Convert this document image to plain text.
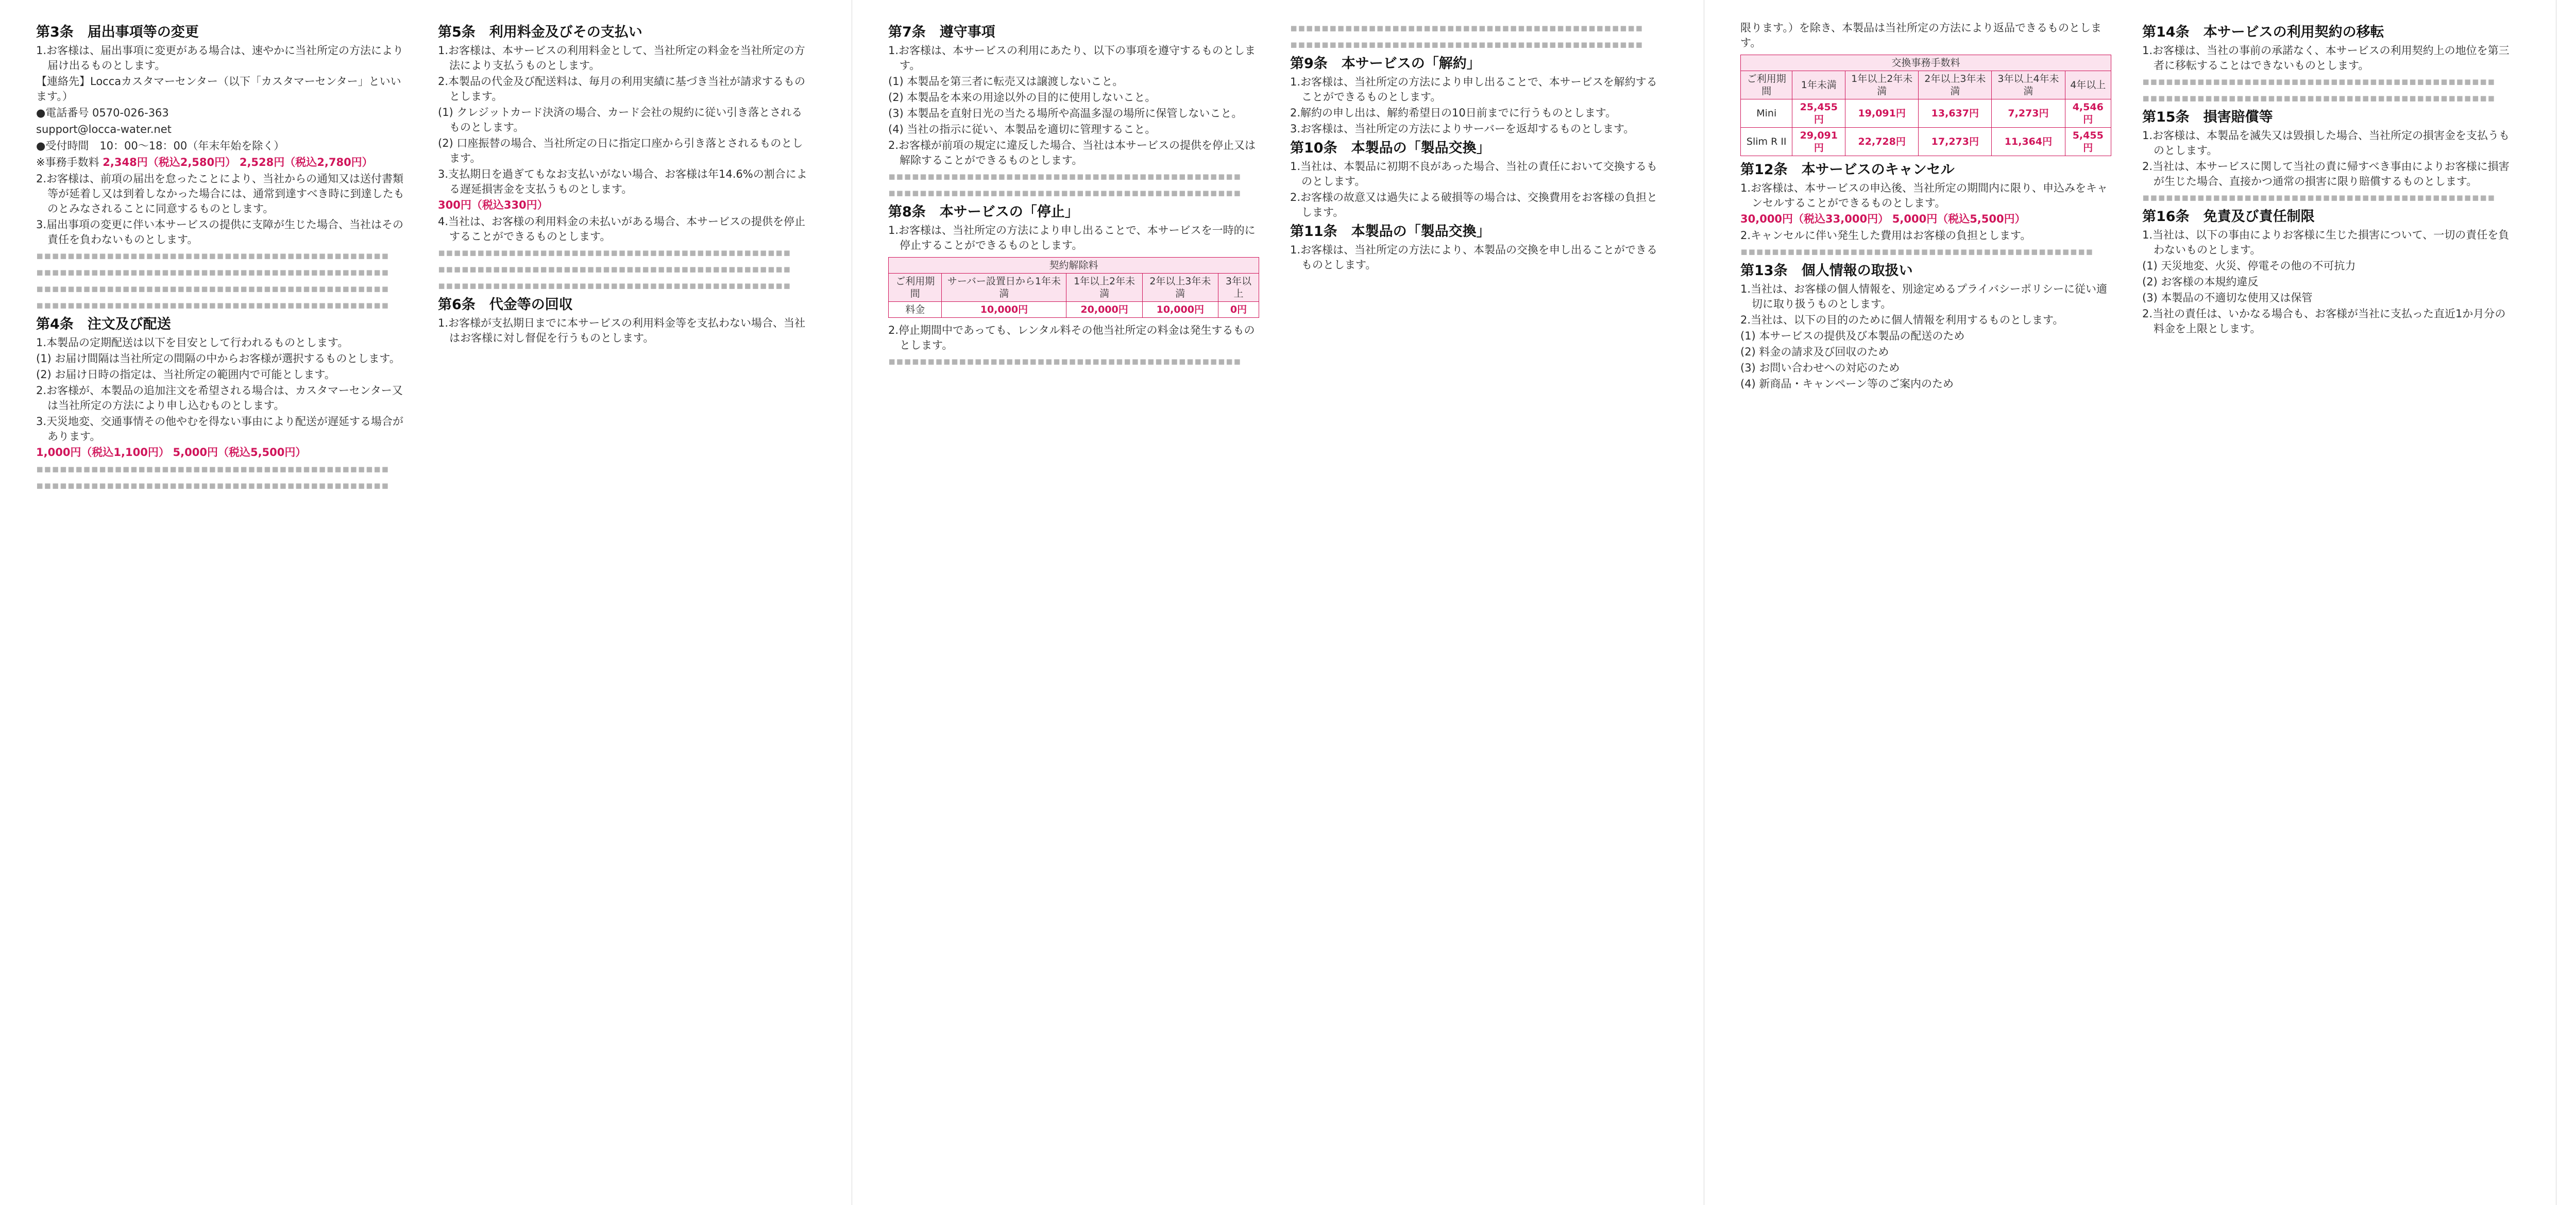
第3条　届出事項等の変更

1.お客様は、届出事項に変更がある場合は、速やかに当社所定の方法により届け出るものとします。

【連絡先】Loccaカスタマーセンター（以下「カスタマーセンター」といいます。）

●電話番号 0570-026-363

support@locca-water.net

●受付時間　10：00～18：00（年末年始を除く）

※事務手数料 2,348円（税込2,580円） 2,528円（税込2,780円）

2.お客様は、前項の届出を怠ったことにより、当社からの通知又は送付書類等が延着し又は到着しなかった場合には、通常到達すべき時に到達したものとみなされることに同意するものとします。

3.届出事項の変更に伴い本サービスの提供に支障が生じた場合、当社はその責任を負わないものとします。

▪▪▪▪▪▪▪▪▪▪▪▪▪▪▪▪▪▪▪▪▪▪▪▪▪▪▪▪▪▪▪▪▪▪▪▪▪▪▪▪▪▪▪▪▪

▪▪▪▪▪▪▪▪▪▪▪▪▪▪▪▪▪▪▪▪▪▪▪▪▪▪▪▪▪▪▪▪▪▪▪▪▪▪▪▪▪▪▪▪▪

▪▪▪▪▪▪▪▪▪▪▪▪▪▪▪▪▪▪▪▪▪▪▪▪▪▪▪▪▪▪▪▪▪▪▪▪▪▪▪▪▪▪▪▪▪

▪▪▪▪▪▪▪▪▪▪▪▪▪▪▪▪▪▪▪▪▪▪▪▪▪▪▪▪▪▪▪▪▪▪▪▪▪▪▪▪▪▪▪▪▪

第4条　注文及び配送

1.本製品の定期配送は以下を目安として行われるものとします。

(1) お届け間隔は当社所定の間隔の中からお客様が選択するものとします。

(2) お届け日時の指定は、当社所定の範囲内で可能とします。

2.お客様が、本製品の追加注文を希望される場合は、カスタマーセンター又は当社所定の方法により申し込むものとします。

3.天災地変、交通事情その他やむを得ない事由により配送が遅延する場合があります。

1,000円（税込1,100円） 5,000円（税込5,500円）

▪▪▪▪▪▪▪▪▪▪▪▪▪▪▪▪▪▪▪▪▪▪▪▪▪▪▪▪▪▪▪▪▪▪▪▪▪▪▪▪▪▪▪▪▪

▪▪▪▪▪▪▪▪▪▪▪▪▪▪▪▪▪▪▪▪▪▪▪▪▪▪▪▪▪▪▪▪▪▪▪▪▪▪▪▪▪▪▪▪▪

第5条　利用料金及びその支払い

1.お客様は、本サービスの利用料金として、当社所定の料金を当社所定の方法により支払うものとします。

2.本製品の代金及び配送料は、毎月の利用実績に基づき当社が請求するものとします。

(1) クレジットカード決済の場合、カード会社の規約に従い引き落とされるものとします。

(2) 口座振替の場合、当社所定の日に指定口座から引き落とされるものとします。

3.支払期日を過ぎてもなお支払いがない場合、お客様は年14.6%の割合による遅延損害金を支払うものとします。

300円（税込330円）

4.当社は、お客様の利用料金の未払いがある場合、本サービスの提供を停止することができるものとします。

▪▪▪▪▪▪▪▪▪▪▪▪▪▪▪▪▪▪▪▪▪▪▪▪▪▪▪▪▪▪▪▪▪▪▪▪▪▪▪▪▪▪▪▪▪

▪▪▪▪▪▪▪▪▪▪▪▪▪▪▪▪▪▪▪▪▪▪▪▪▪▪▪▪▪▪▪▪▪▪▪▪▪▪▪▪▪▪▪▪▪

▪▪▪▪▪▪▪▪▪▪▪▪▪▪▪▪▪▪▪▪▪▪▪▪▪▪▪▪▪▪▪▪▪▪▪▪▪▪▪▪▪▪▪▪▪

第6条　代金等の回収

1.お客様が支払期日までに本サービスの利用料金等を支払わない場合、当社はお客様に対し督促を行うものとします。

第7条　遵守事項

1.お客様は、本サービスの利用にあたり、以下の事項を遵守するものとします。

(1) 本製品を第三者に転売又は譲渡しないこと。

(2) 本製品を本来の用途以外の目的に使用しないこと。

(3) 本製品を直射日光の当たる場所や高温多湿の場所に保管しないこと。

(4) 当社の指示に従い、本製品を適切に管理すること。

2.お客様が前項の規定に違反した場合、当社は本サービスの提供を停止又は解除することができるものとします。

▪▪▪▪▪▪▪▪▪▪▪▪▪▪▪▪▪▪▪▪▪▪▪▪▪▪▪▪▪▪▪▪▪▪▪▪▪▪▪▪▪▪▪▪▪

▪▪▪▪▪▪▪▪▪▪▪▪▪▪▪▪▪▪▪▪▪▪▪▪▪▪▪▪▪▪▪▪▪▪▪▪▪▪▪▪▪▪▪▪▪

第8条　本サービスの「停止」

1.お客様は、当社所定の方法により申し出ることで、本サービスを一時的に停止することができるものとします。

契約解除料				
ご利用期間	サーバー設置日から1年未満	1年以上2年未満	2年以上3年未満	3年以上
料金	10,000円	20,000円	10,000円	0円

2.停止期間中であっても、レンタル料その他当社所定の料金は発生するものとします。

▪▪▪▪▪▪▪▪▪▪▪▪▪▪▪▪▪▪▪▪▪▪▪▪▪▪▪▪▪▪▪▪▪▪▪▪▪▪▪▪▪▪▪▪▪

▪▪▪▪▪▪▪▪▪▪▪▪▪▪▪▪▪▪▪▪▪▪▪▪▪▪▪▪▪▪▪▪▪▪▪▪▪▪▪▪▪▪▪▪▪

▪▪▪▪▪▪▪▪▪▪▪▪▪▪▪▪▪▪▪▪▪▪▪▪▪▪▪▪▪▪▪▪▪▪▪▪▪▪▪▪▪▪▪▪▪

第9条　本サービスの「解約」

1.お客様は、当社所定の方法により申し出ることで、本サービスを解約することができるものとします。

2.解約の申し出は、解約希望日の10日前までに行うものとします。

3.お客様は、当社所定の方法によりサーバーを返却するものとします。

第10条　本製品の「製品交換」

1.当社は、本製品に初期不良があった場合、当社の責任において交換するものとします。

2.お客様の故意又は過失による破損等の場合は、交換費用をお客様の負担とします。

第11条　本製品の「製品交換」

1.お客様は、当社所定の方法により、本製品の交換を申し出ることができるものとします。

限ります。）を除き、本製品は当社所定の方法により返品できるものとします。

交換事務手数料					
ご利用期間	1年未満	1年以上2年未満	2年以上3年未満	3年以上4年未満	4年以上
Mini	25,455円	19,091円	13,637円	7,273円	4,546円
Slim R II	29,091円	22,728円	17,273円	11,364円	5,455円
第12条　本サービスのキャンセル

1.お客様は、本サービスの申込後、当社所定の期間内に限り、申込みをキャンセルすることができるものとします。

30,000円（税込33,000円） 5,000円（税込5,500円）

2.キャンセルに伴い発生した費用はお客様の負担とします。

▪▪▪▪▪▪▪▪▪▪▪▪▪▪▪▪▪▪▪▪▪▪▪▪▪▪▪▪▪▪▪▪▪▪▪▪▪▪▪▪▪▪▪▪▪

第13条　個人情報の取扱い

1.当社は、お客様の個人情報を、別途定めるプライバシーポリシーに従い適切に取り扱うものとします。

2.当社は、以下の目的のために個人情報を利用するものとします。

(1) 本サービスの提供及び本製品の配送のため

(2) 料金の請求及び回収のため

(3) お問い合わせへの対応のため

(4) 新商品・キャンペーン等のご案内のため

第14条　本サービスの利用契約の移転

1.お客様は、当社の事前の承諾なく、本サービスの利用契約上の地位を第三者に移転することはできないものとします。

▪▪▪▪▪▪▪▪▪▪▪▪▪▪▪▪▪▪▪▪▪▪▪▪▪▪▪▪▪▪▪▪▪▪▪▪▪▪▪▪▪▪▪▪▪

▪▪▪▪▪▪▪▪▪▪▪▪▪▪▪▪▪▪▪▪▪▪▪▪▪▪▪▪▪▪▪▪▪▪▪▪▪▪▪▪▪▪▪▪▪

第15条　損害賠償等

1.お客様は、本製品を滅失又は毀損した場合、当社所定の損害金を支払うものとします。

2.当社は、本サービスに関して当社の責に帰すべき事由によりお客様に損害が生じた場合、直接かつ通常の損害に限り賠償するものとします。

▪▪▪▪▪▪▪▪▪▪▪▪▪▪▪▪▪▪▪▪▪▪▪▪▪▪▪▪▪▪▪▪▪▪▪▪▪▪▪▪▪▪▪▪▪

第16条　免責及び責任制限

1.当社は、以下の事由によりお客様に生じた損害について、一切の責任を負わないものとします。

(1) 天災地変、火災、停電その他の不可抗力

(2) お客様の本規約違反

(3) 本製品の不適切な使用又は保管

2.当社の責任は、いかなる場合も、お客様が当社に支払った直近1か月分の料金を上限とします。
